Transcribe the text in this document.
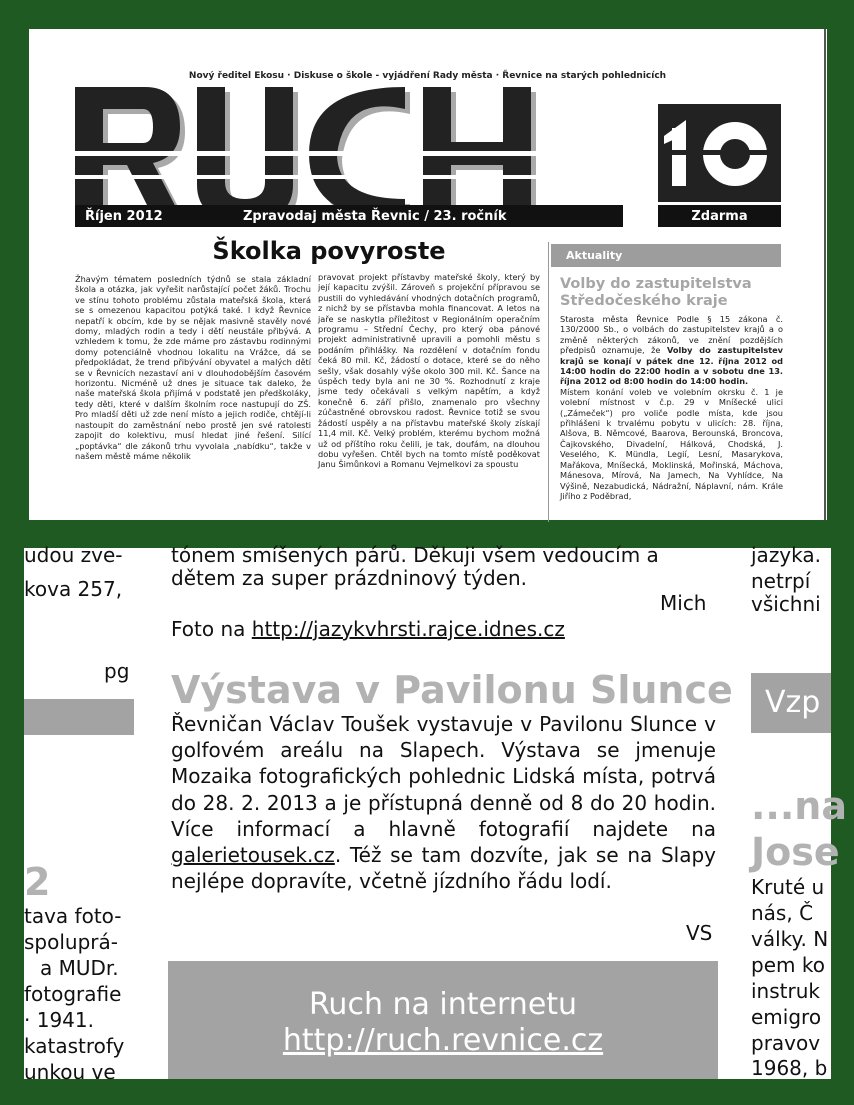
Nový ředitel Ekosu · Diskuse o škole - vyjádření Rady města · Řevnice na starých pohlednicích
10
Říjen 2012	Zpravodaj města Řevnic / 23. ročník	Zdarma
Školka povyroste

Žhavým tématem posledních týdnů se stala základní škola a otázka, jak vyřešit narůstající počet žáků. Trochu ve stínu tohoto problému zůstala mateřská škola, která se s omezenou kapacitou potýká také. I když Řevnice nepatří k obcím, kde by se nějak masivně stavěly nové domy, mladých rodin a tedy i dětí neustále přibývá. A vzhledem k tomu, že zde máme pro zástavbu rodinnými domy potenciálně vhodnou lokalitu na Vrážce, dá se předpokládat, že trend přibývání obyvatel a malých dětí se v Řevnicích nezastaví ani v dlouhodobějším časovém horizontu. Nicméně už dnes je situace tak daleko, že naše mateřská škola přijímá v podstatě jen předškoláky, tedy děti, které v dalším školním roce nastupují do ZŠ. Pro mladší děti už zde není místo a jejich rodiče, chtějí-li nastoupit do zaměstnání nebo prostě jen své ratolesti zapojit do kolektivu, musí hledat jiné řešení. Silící „poptávka“ dle zákonů trhu vyvolala „nabídku“, takže v našem městě máme několik

pravovat projekt přístavby mateřské školy, který by její kapacitu zvýšil. Zároveň s projekční přípravou se pustili do vyhledávání vhodných dotačních programů, z nichž by se přístavba mohla financovat. A letos na jaře se naskytla příležitost v Regionálním operačním programu – Střední Čechy, pro který oba pánové projekt administrativně upravili a pomohli městu s podáním přihlášky. Na rozdělení v dotačním fondu čeká 80 mil. Kč, žádostí o dotace, které se do něho sešly, však dosahly výše okolo 300 mil. Kč. Šance na úspěch tedy byla ani ne 30 %. Rozhodnutí z kraje jsme tedy očekávali s velkým napětím, a když konečně 6. září přišlo, znamenalo pro všechny zúčastněné obrovskou radost. Řevnice totiž se svou žádostí uspěly a na přístavbu mateřské školy získají 11,4 mil. Kč. Velký problém, kterému bychom možná už od příštího roku čelili, je tak, doufám, na dlouhou dobu vyřešen. Chtěl bych na tomto místě poděkovat Janu Šimůnkovi a Romanu Vejmelkovi za spoustu

Aktuality
Volby do zastupitelstva Středočeského kraje

Starosta města Řevnice Podle § 15 zákona č. 130/2000 Sb., o volbách do zastupitelstev krajů a o změně některých zákonů, ve znění pozdějších předpisů oznamuje, že Volby do zastupitelstev krajů se konají v pátek dne 12. října 2012 od 14:00 hodin do 22:00 hodin a v sobotu dne 13. října 2012 od 8:00 hodin do 14:00 hodin.

Místem konání voleb ve volebním okrsku č. 1 je volební místnost v č.p. 29 v Mníšecké ulici („Zámeček“) pro voliče podle místa, kde jsou přihlášeni k trvalému pobytu v ulicích: 28. října, Alšova, B. Němcové, Baarova, Berounská, Broncova, Čajkovského, Divadelní, Hálková, Chodská, J. Veselého, K. Mündla, Legií, Lesní, Masarykova, Mařákova, Mníšecká, Moklinská, Mořinská, Máchova, Mánesova, Mírová, Na Jamech, Na Vyhlídce, Na Výšině, Nezabudická, Nádražní, Náplavní, nám. Krále Jiřího z Poděbrad,

udou zve-
kova 257,
pg
2
tava foto-
spoluprá-
a MUDr.
fotografie
· 1941.
katastrofy
unkou ve
tónem smíšených párů. Děkuji všem vedoucím a
dětem za super prázdninový týden.
Mich
Foto na http://jazykvhrsti.rajce.idnes.cz
Výstava v Pavilonu Slunce

Řevničan Václav Toušek vystavuje v Pavilonu Slunce v golfovém areálu na Slapech. Výstava se jmenuje Mozaika fotografických pohlednic Lidská místa, potrvá do 28. 2. 2013 a je přístupná denně od 8 do 20 hodin. Více informací a hlavně fotografií najdete na galerietousek.cz. Též se tam dozvíte, jak se na Slapy nejlépe dopravíte, včetně jízdního řádu lodí.

VS
Ruch na internetu
http://ruch.revnice.cz
jazyka.
netrpí
všichni
Vzp
...na
Jose
Kruté u
nás, Č
války. N
pem ko
instruk
emigro
pravov
1968, b
